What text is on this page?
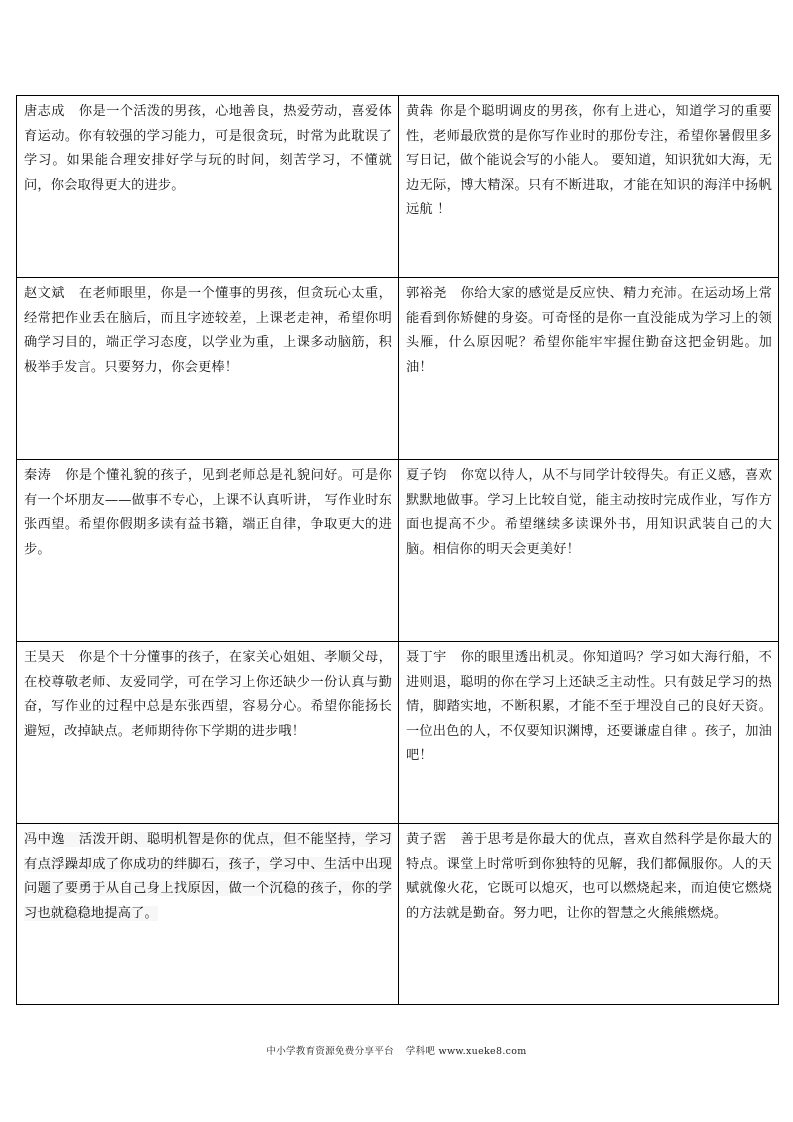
唐志成 你是一个活泼的男孩，心地善良，热爱劳动，喜爱体育运动。你有较强的学习能力，可是很贪玩，时常为此耽误了学习。如果能合理安排好学与玩的时间，刻苦学习，不懂就问，你会取得更大的进步。	黄犇 你是个聪明调皮的男孩，你有上进心，知道学习的重要性，老师最欣赏的是你写作业时的那份专注，希望你暑假里多写日记，做个能说会写的小能人。 要知道，知识犹如大海，无边无际，博大精深。只有不断进取，才能在知识的海洋中扬帆远航 ！
赵文斌 在老师眼里，你是一个懂事的男孩，但贪玩心太重，经常把作业丢在脑后，而且字迹较差，上课老走神，希望你明确学习目的，端正学习态度，以学业为重，上课多动脑筋，积极举手发言。只要努力，你会更棒！	郭裕尧 你给大家的感觉是反应快、精力充沛。在运动场上常能看到你矫健的身姿。可奇怪的是你一直没能成为学习上的领头雁，什么原因呢？希望你能牢牢握住勤奋这把金钥匙。加油！
秦涛 你是个懂礼貌的孩子，见到老师总是礼貌问好。可是你有一个坏朋友——做事不专心，上课不认真听讲， 写作业时东张西望。希望你假期多读有益书籍，端正自律，争取更大的进步。	夏子钧 你宽以待人，从不与同学计较得失。有正义感，喜欢默默地做事。学习上比较自觉，能主动按时完成作业，写作方面也提高不少。希望继续多读课外书，用知识武装自己的大脑。相信你的明天会更美好！
王昊天 你是个十分懂事的孩子，在家关心姐姐、孝顺父母，在校尊敬老师、友爱同学，可在学习上你还缺少一份认真与勤奋，写作业的过程中总是东张西望，容易分心。希望你能扬长避短，改掉缺点。老师期待你下学期的进步哦！	聂丁宇 你的眼里透出机灵。你知道吗？学习如大海行船，不进则退，聪明的你在学习上还缺乏主动性。只有鼓足学习的热情，脚踏实地，不断积累，才能不至于埋没自己的良好天资。一位出色的人，不仅要知识渊博，还要谦虚自律 。孩子，加油吧！
冯中逸 活泼开朗、聪明机智是你的优点，但不能坚持，学习有点浮躁却成了你成功的绊脚石，孩子，学习中、生活中出现问题了要勇于从自己身上找原因，做一个沉稳的孩子，你的学习也就稳稳地提高了。	黄子霑 善于思考是你最大的优点，喜欢自然科学是你最大的特点。课堂上时常听到你独特的见解，我们都佩服你。人的天赋就像火花，它既可以熄灭，也可以燃烧起来，而迫使它燃烧的方法就是勤奋。努力吧，让你的智慧之火熊熊燃烧。
中小学教育资源免费分享平台 学科吧 www.xueke8.com
